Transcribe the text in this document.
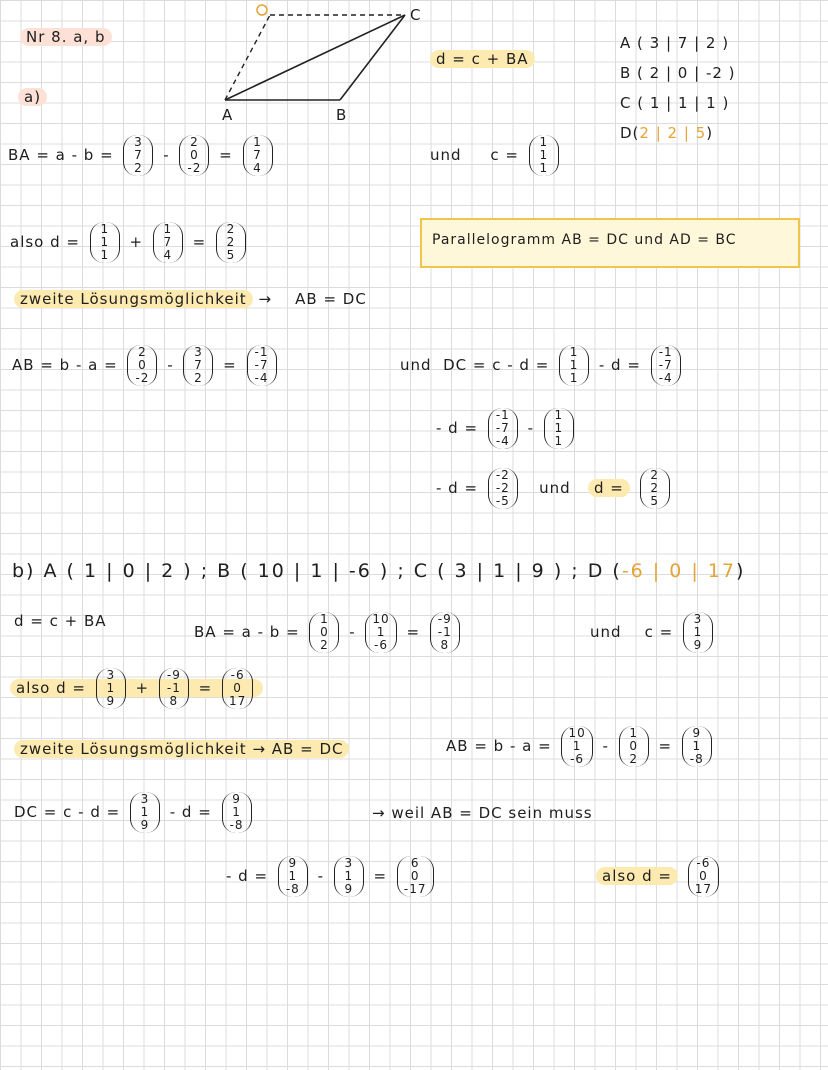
A	B
C
Nr 8. a, b
a)
A ( 3 | 7 | 2 )
B ( 2 | 0 | -2 )
C ( 1 | 1 | 1 )
D(2 | 2 | 5)
d = c + BA
BA = a - b =
3
7
2
-
2
0
-2
=
1
7
4
und c =
1
1
1
also d =
1
1
1
+
1
7
4
=
2
2
5
Parallelogramm AB = DC und AD = BC
zweite Lösungsmöglichkeit → AB = DC
AB = b - a =
2
0
-2
-
3
7
2
=
-1
-7
-4
und DC = c - d =
1
1
1
- d =
-1
-7
-4
- d =
-1
-7
-4
-
1
1
1
- d =
-2
-2
-5
und d =
2
2
5
b) A ( 1 | 0 | 2 ) ; B ( 10 | 1 | -6 ) ; C ( 3 | 1 | 9 ) ; D (-6 | 0 | 17)
d = c + BA
BA = a - b =
1
0
2
-
10
1
-6
=
-9
-1
8
und c =
3
1
9
also d =
3
1
9
+
-9
-1
8
=
-6
0
17
zweite Lösungsmöglichkeit → AB = DC	AB = b - a =
10
1
-6
-
1
0
2
=
9
1
-8
DC = c - d =
3
1
9
- d =
9
1
-8
→ weil AB = DC sein muss
- d =
9
1
-8
-
3
1
9
=
6
0
-17
also d =
-6
0
17
